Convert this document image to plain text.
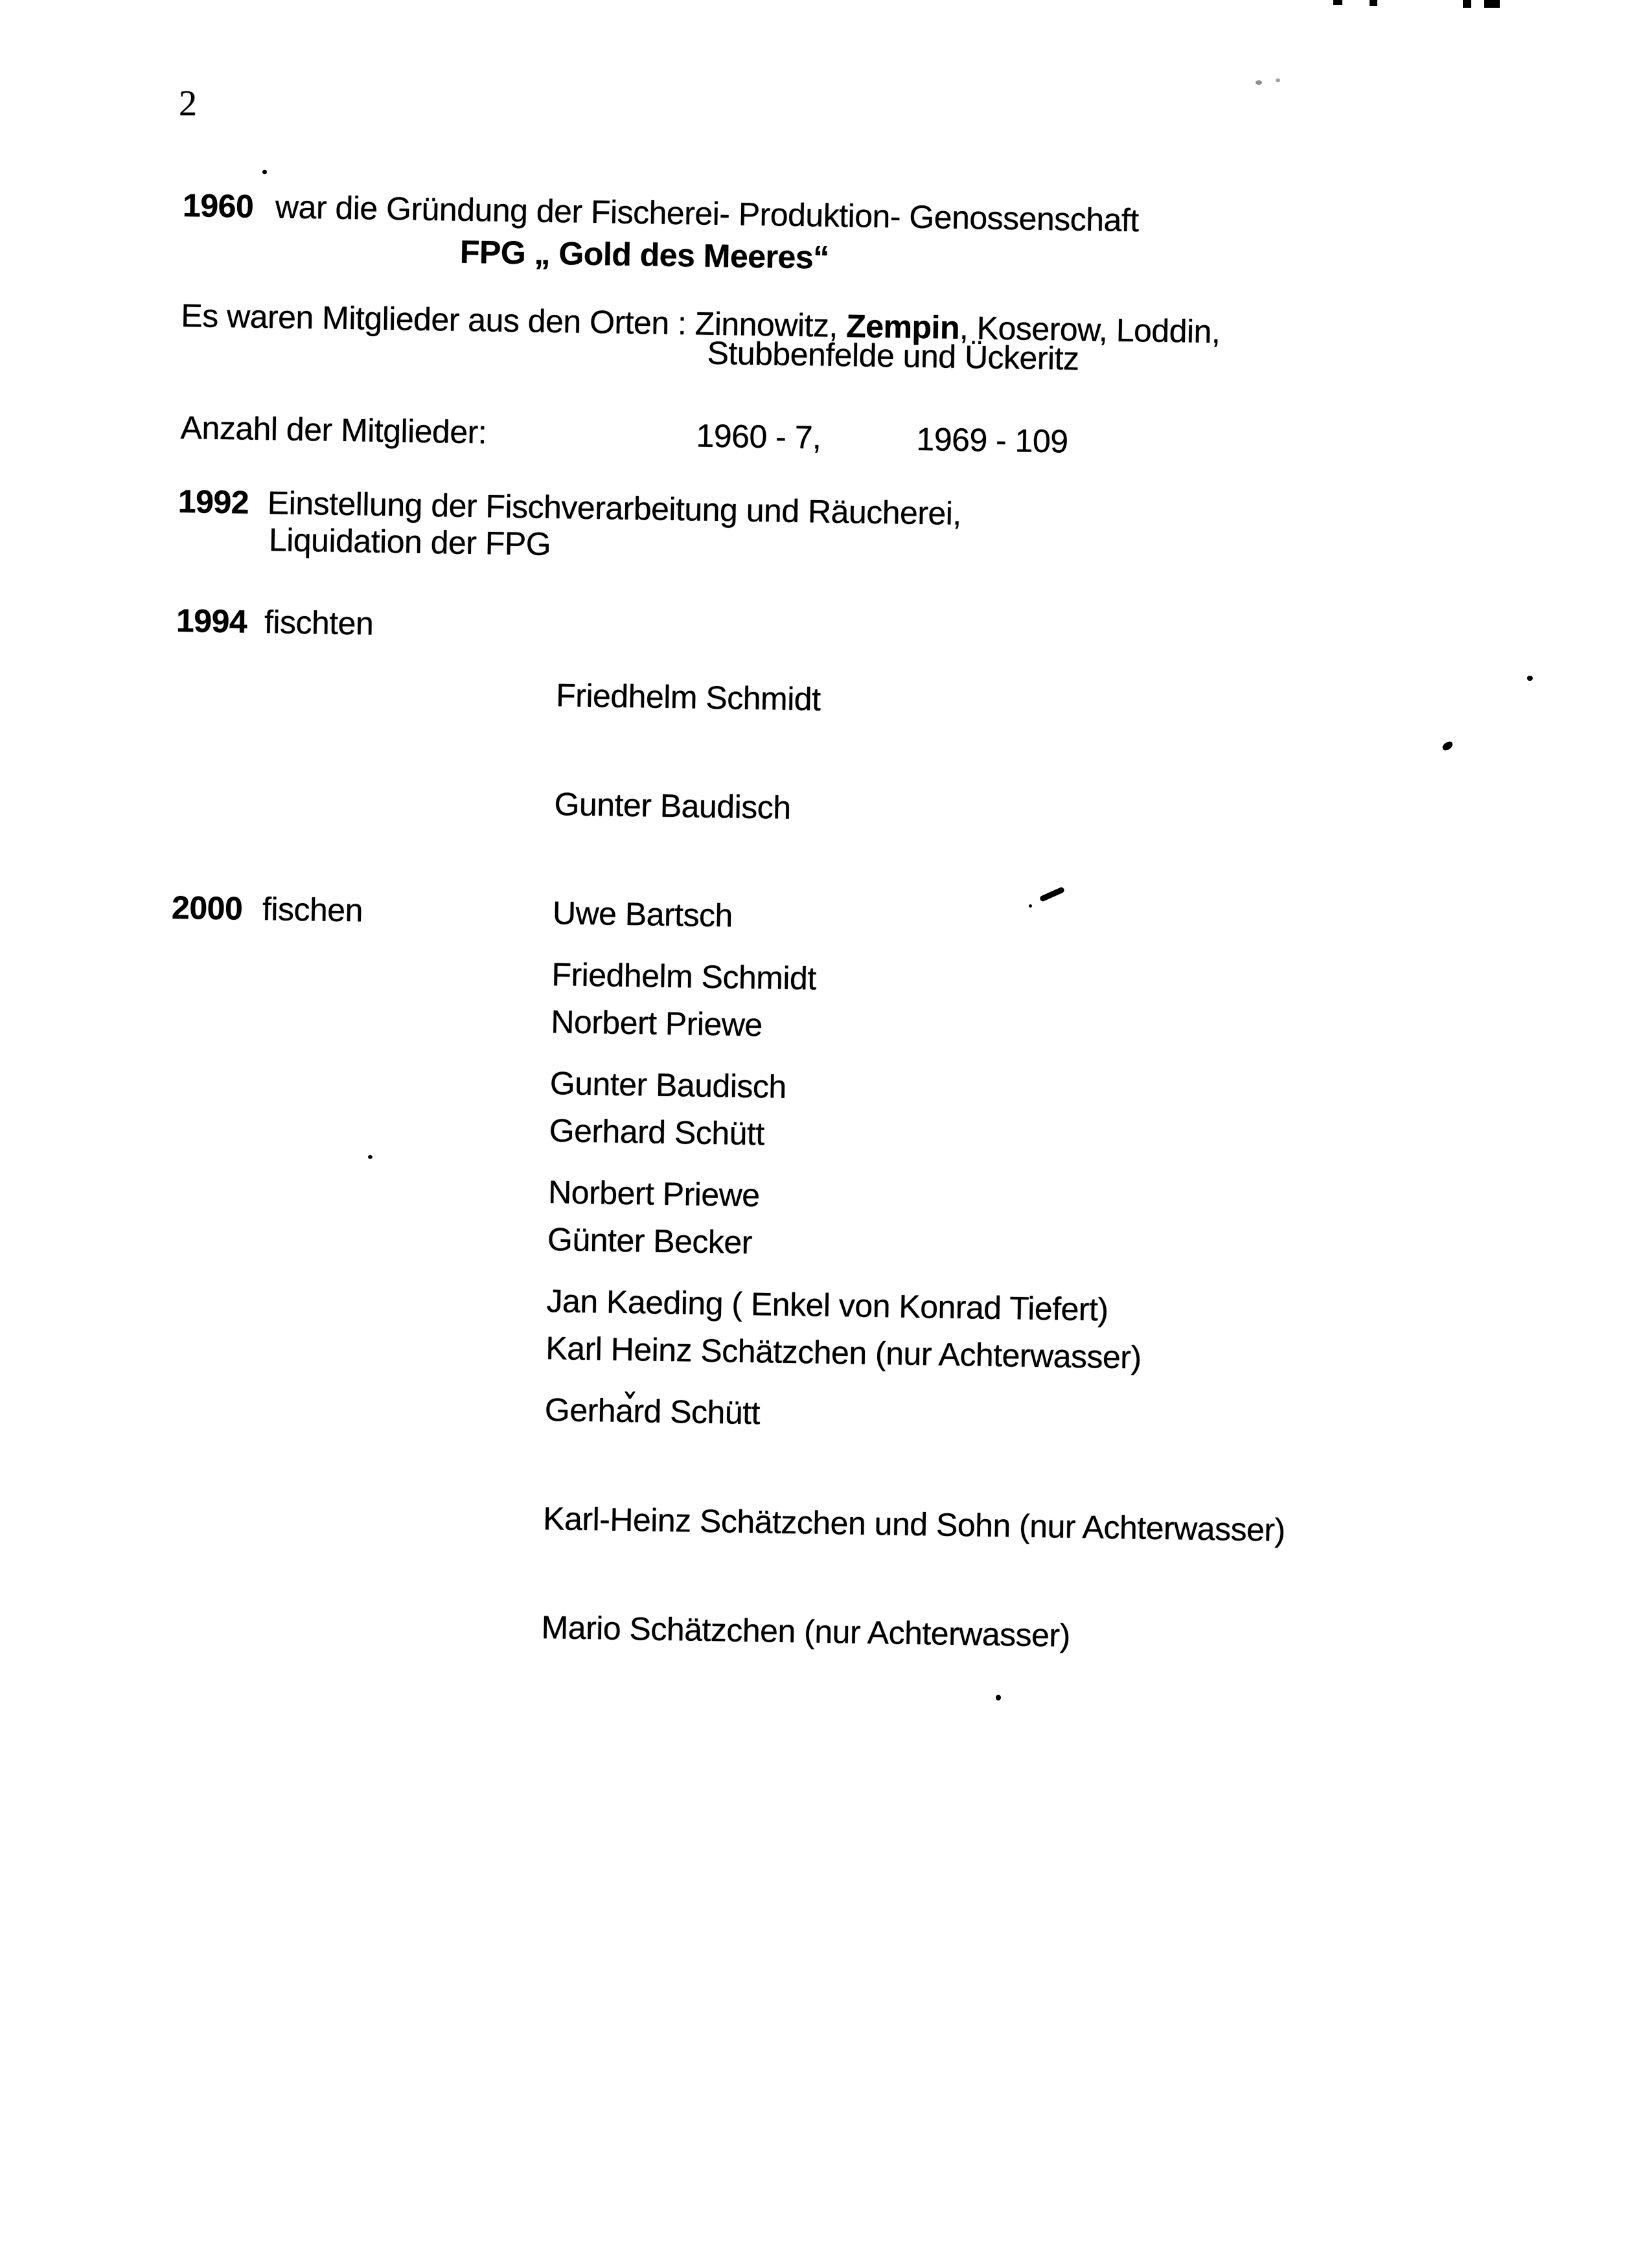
2

1960

war die Gründung der Fischerei- Produktion- Genossenschaft

FPG „ Gold des Meeres“

Es waren Mitglieder aus den Orten : Zinnowitz, Zempin, Koserow, Loddin,

Stubbenfelde und Ückeritz

Anzahl der Mitglieder:

	1960 - 7,

	1969 - 109

1992

Einstellung der Fischverarbeitung und Räucherei,

Liquidation der FPG

1994

fischten

Friedhelm Schmidt

Gunter Baudisch

Uwe Bartsch

Norbert Priewe

Gerhard Schütt

Günter Becker

Karl Heinz Schätzchen (nur Achterwasser)

2000

fischen

Friedhelm Schmidt

Gunter Baudisch

Norbert Priewe

Jan Kaeding ( Enkel von Konrad Tiefert)

Gerhard Schütt

Karl-Heinz Schätzchen und Sohn (nur Achterwasser)

Mario Schätzchen (nur Achterwasser)
